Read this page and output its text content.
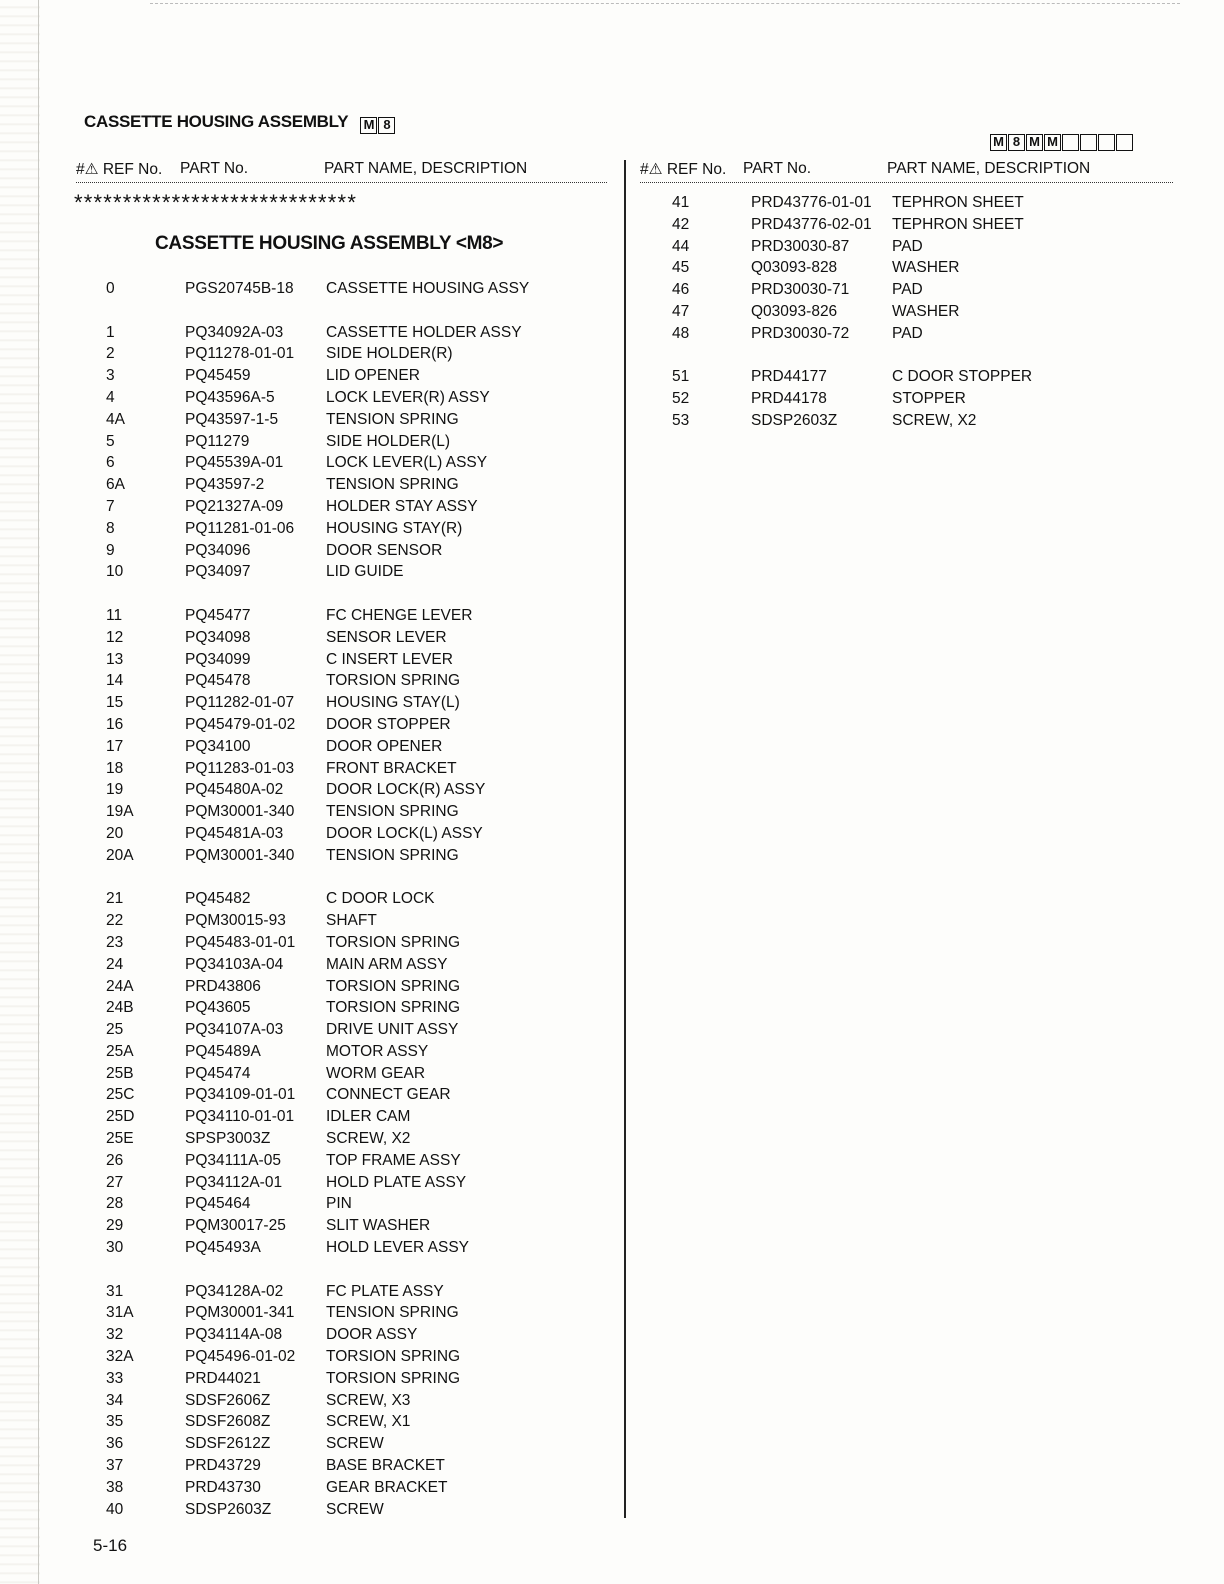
CASSETTE HOUSING ASSEMBLY M 8
M 8 M M
#⚠ REF No. PART No.	PART NAME, DESCRIPTION	#⚠ REF No. PART No.	PART NAME, DESCRIPTION
*****************************
CASSETTE HOUSING ASSEMBLY <M8>
0	PGS20745B-18 CASSETTE HOUSING ASSY
1	PQ34092A-03	CASSETTE HOLDER ASSY
2	PQ11278-01-01 SIDE HOLDER(R)
3	PQ45459	LID OPENER
4	PQ43596A-5	LOCK LEVER(R) ASSY
4A	PQ43597-1-5	TENSION SPRING
5	PQ11279	SIDE HOLDER(L)
6	PQ45539A-01	LOCK LEVER(L) ASSY
6A	PQ43597-2	TENSION SPRING
7	PQ21327A-09	HOLDER STAY ASSY
8	PQ11281-01-06 HOUSING STAY(R)
9	PQ34096	DOOR SENSOR
10	PQ34097	LID GUIDE
11	PQ45477	FC CHENGE LEVER
12	PQ34098	SENSOR LEVER
13	PQ34099	C INSERT LEVER
14	PQ45478	TORSION SPRING
15	PQ11282-01-07 HOUSING STAY(L)
16	PQ45479-01-02 DOOR STOPPER
17	PQ34100	DOOR OPENER
18	PQ11283-01-03 FRONT BRACKET
19	PQ45480A-02	DOOR LOCK(R) ASSY
19A	PQM30001-340 TENSION SPRING
20	PQ45481A-03	DOOR LOCK(L) ASSY
20A	PQM30001-340 TENSION SPRING
21	PQ45482	C DOOR LOCK
22	PQM30015-93	SHAFT
23	PQ45483-01-01 TORSION SPRING
24	PQ34103A-04	MAIN ARM ASSY
24A	PRD43806	TORSION SPRING
24B	PQ43605	TORSION SPRING
25	PQ34107A-03	DRIVE UNIT ASSY
25A	PQ45489A	MOTOR ASSY
25B	PQ45474	WORM GEAR
25C	PQ34109-01-01 CONNECT GEAR
25D	PQ34110-01-01 IDLER CAM
25E	SPSP3003Z	SCREW, X2
26	PQ34111A-05	TOP FRAME ASSY
27	PQ34112A-01	HOLD PLATE ASSY
28	PQ45464	PIN
29	PQM30017-25	SLIT WASHER
30	PQ45493A	HOLD LEVER ASSY
31	PQ34128A-02	FC PLATE ASSY
31A	PQM30001-341 TENSION SPRING
32	PQ34114A-08	DOOR ASSY
32A	PQ45496-01-02 TORSION SPRING
33	PRD44021	TORSION SPRING
34	SDSF2606Z	SCREW, X3
35	SDSF2608Z	SCREW, X1
36	SDSF2612Z	SCREW
37	PRD43729	BASE BRACKET
38	PRD43730	GEAR BRACKET
40	SDSP2603Z	SCREW
41	PRD43776-01-01 TEPHRON SHEET
42	PRD43776-02-01 TEPHRON SHEET
44	PRD30030-87	PAD
45	Q03093-828	WASHER
46	PRD30030-71	PAD
47	Q03093-826	WASHER
48	PRD30030-72	PAD
51	PRD44177	C DOOR STOPPER
52	PRD44178	STOPPER
53	SDSP2603Z	SCREW, X2
5-16
